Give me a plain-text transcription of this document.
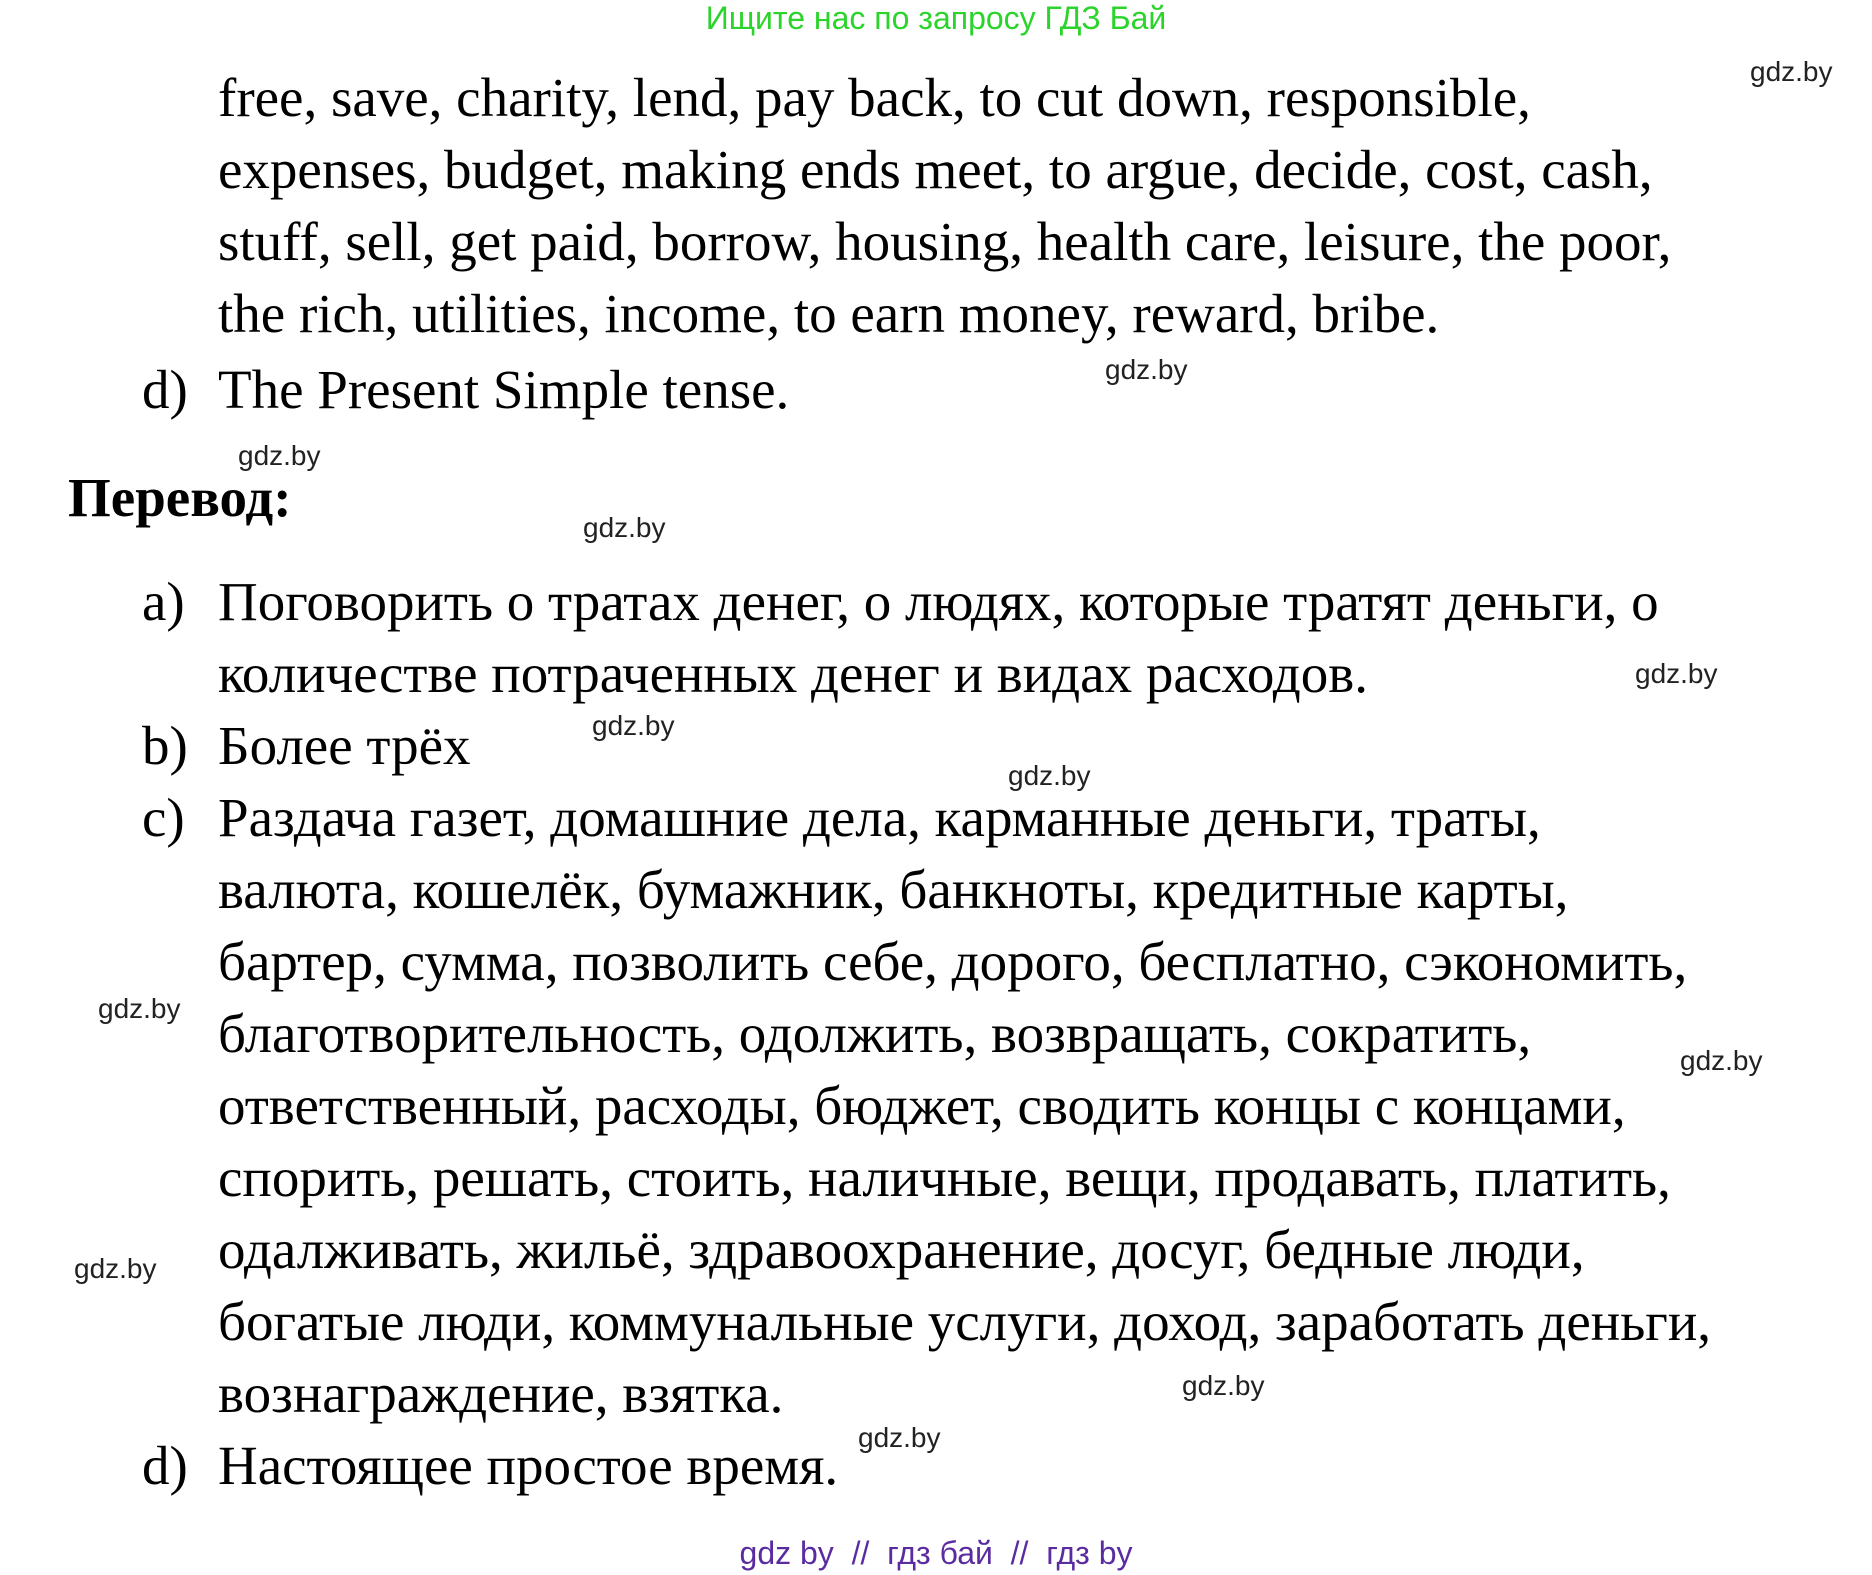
Ищите нас по запросу ГДЗ Бай
free, save, charity, lend, pay back, to cut down, responsible,
expenses, budget, making ends meet, to argue, decide, cost, cash,
stuff, sell, get paid, borrow, housing, health care, leisure, the poor,
the rich, utilities, income, to earn money, reward, bribe.
d) The Present Simple tense.
Перевод:
a) Поговорить о тратах денег, о людях, которые тратят деньги, о
количестве потраченных денег и видах расходов.
b) Более трёх
c) Раздача газет, домашние дела, карманные деньги, траты,
валюта, кошелёк, бумажник, банкноты, кредитные карты,
бартер, сумма, позволить себе, дорого, бесплатно, сэкономить,
благотворительность, одолжить, возвращать, сократить,
ответственный, расходы, бюджет, сводить концы с концами,
спорить, решать, стоить, наличные, вещи, продавать, платить,
одалживать, жильё, здравоохранение, досуг, бедные люди,
богатые люди, коммунальные услуги, доход, заработать деньги,
вознаграждение, взятка.
d) Настоящее простое время.
gdz.by
gdz.by
gdz.by
gdz.by
gdz.by
gdz.by
gdz.by
gdz.by
gdz.by
gdz.by
gdz.by
gdz.by
gdz by  //  гдз бай  //  гдз by
